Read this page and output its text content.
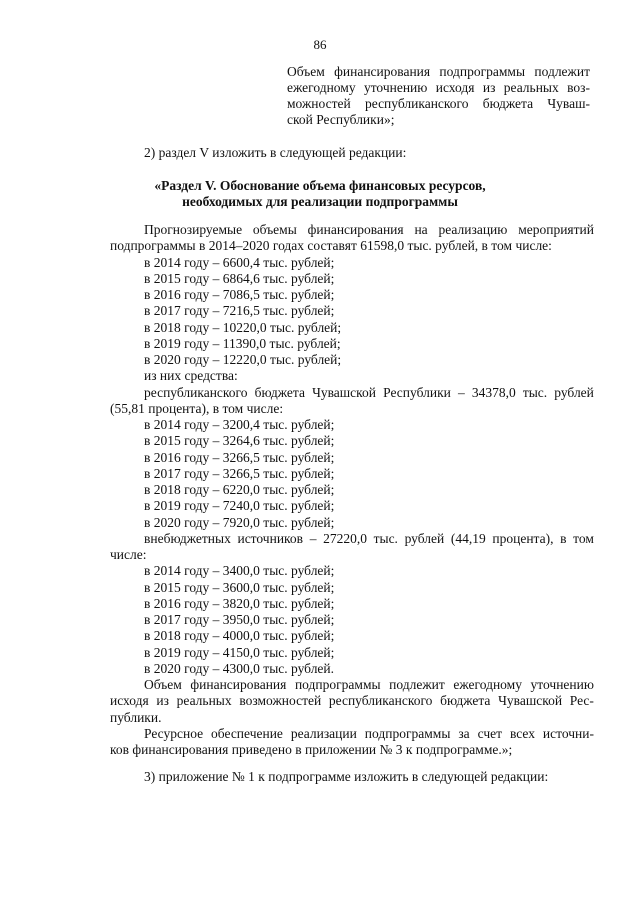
86
Объем финансирования подпрограммы подлежит
ежегодному уточнению исходя из реальных воз-
можностей республиканского бюджета Чуваш-
ской Республики»;
2) раздел V изложить в следующей редакции:
«Раздел V. Обоснование объема финансовых ресурсов,
необходимых для реализации подпрограммы
Прогнозируемые объемы финансирования на реализацию мероприятий
подпрограммы в 2014–2020 годах составят 61598,0 тыс. рублей, в том числе:
в 2014 году – 6600,4 тыс. рублей;
в 2015 году – 6864,6 тыс. рублей;
в 2016 году – 7086,5 тыс. рублей;
в 2017 году – 7216,5 тыс. рублей;
в 2018 году – 10220,0 тыс. рублей;
в 2019 году – 11390,0 тыс. рублей;
в 2020 году – 12220,0 тыс. рублей;
из них средства:
республиканского бюджета Чувашской Республики – 34378,0 тыс. рублей
(55,81 процента), в том числе:
в 2014 году – 3200,4 тыс. рублей;
в 2015 году – 3264,6 тыс. рублей;
в 2016 году – 3266,5 тыс. рублей;
в 2017 году – 3266,5 тыс. рублей;
в 2018 году – 6220,0 тыс. рублей;
в 2019 году – 7240,0 тыс. рублей;
в 2020 году – 7920,0 тыс. рублей;
внебюджетных источников – 27220,0 тыс. рублей (44,19 процента), в том
числе:
в 2014 году – 3400,0 тыс. рублей;
в 2015 году – 3600,0 тыс. рублей;
в 2016 году – 3820,0 тыс. рублей;
в 2017 году – 3950,0 тыс. рублей;
в 2018 году – 4000,0 тыс. рублей;
в 2019 году – 4150,0 тыс. рублей;
в 2020 году – 4300,0 тыс. рублей.
Объем финансирования подпрограммы подлежит ежегодному уточнению
исходя из реальных возможностей республиканского бюджета Чувашской Рес-
публики.
Ресурсное обеспечение реализации подпрограммы за счет всех источни-
ков финансирования приведено в приложении № 3 к подпрограмме.»;
3) приложение № 1 к подпрограмме изложить в следующей редакции:
